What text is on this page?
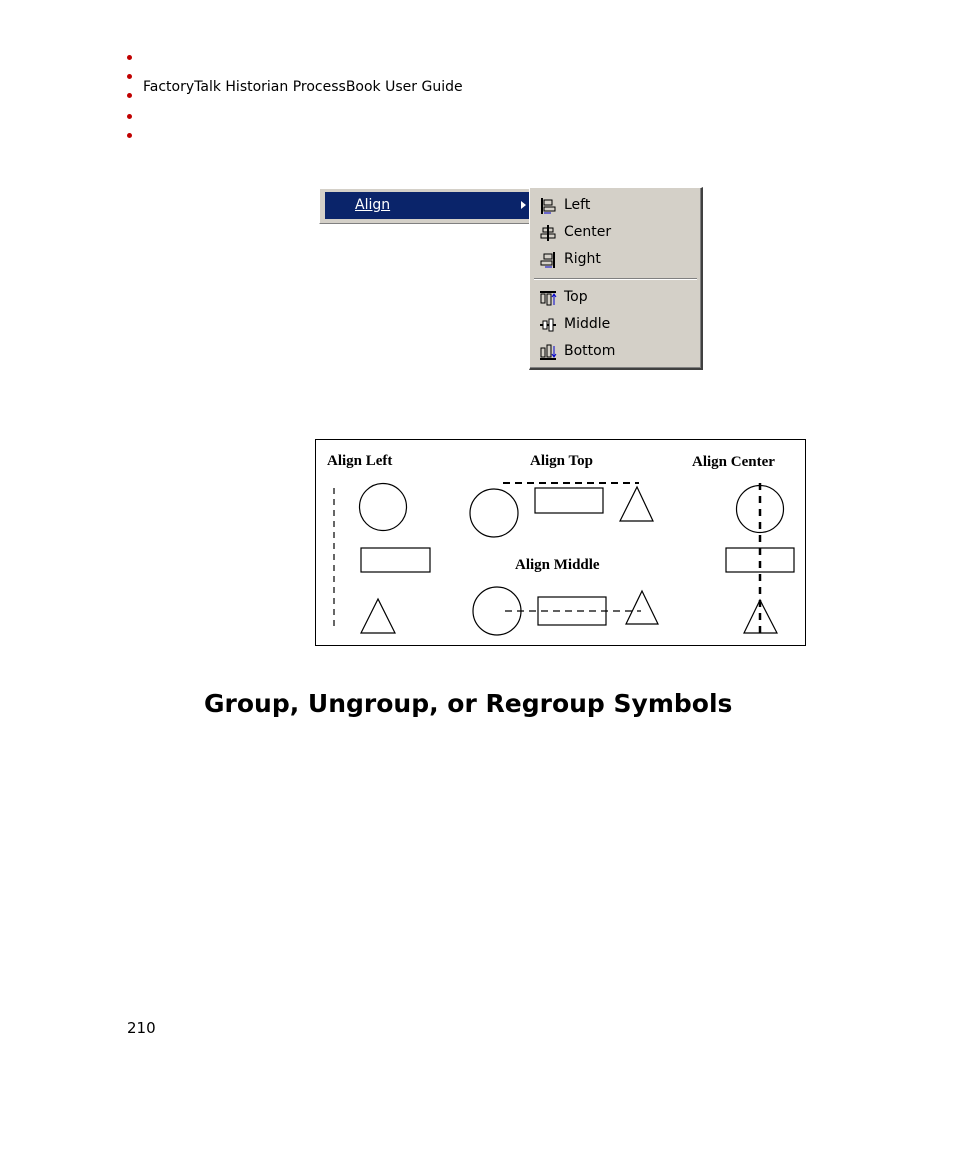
FactoryTalk Historian ProcessBook User Guide
Align	Left
Center
Right
Top
Middle
Bottom
Align Left	Align Top	Align Center
Align Middle
Group, Ungroup, or Regroup Symbols
210
